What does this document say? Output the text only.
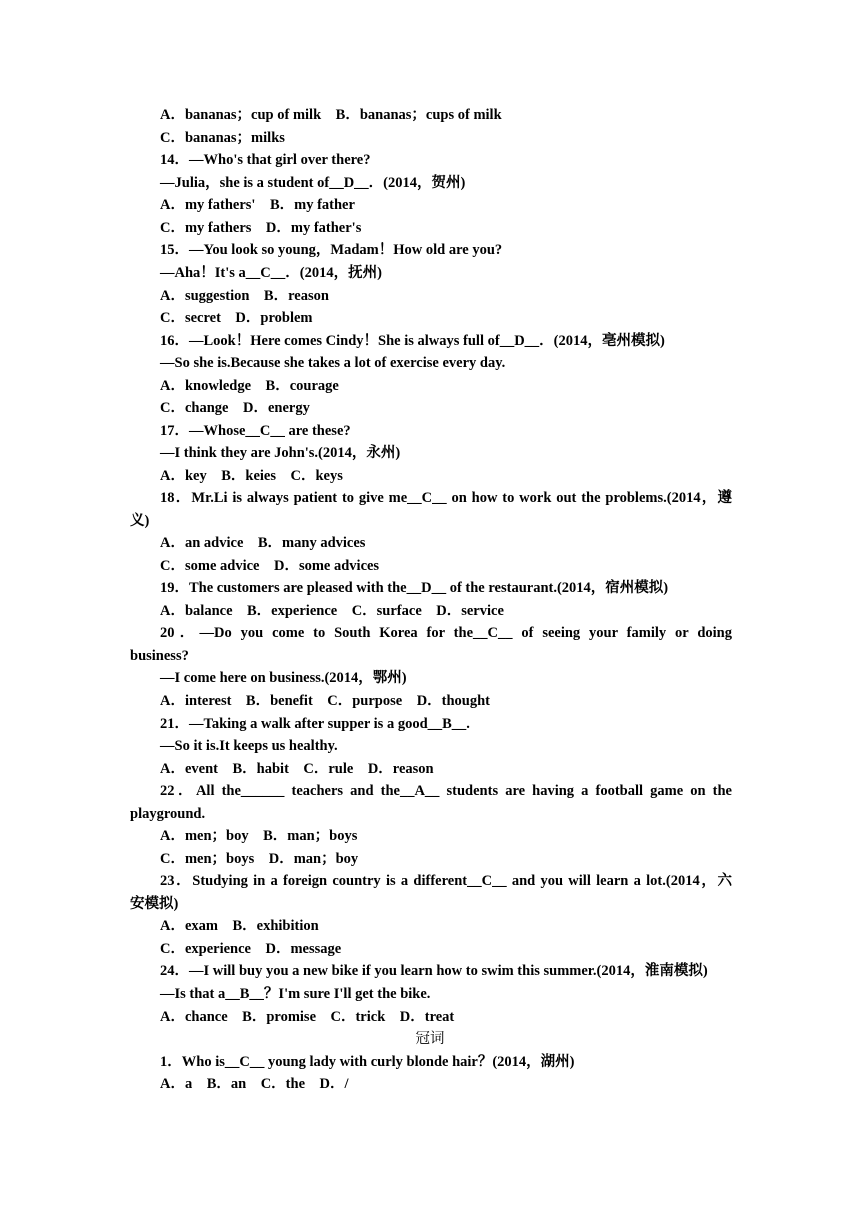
A．bananas；cup of milk　B．bananas；cups of milk
C．bananas；milks
14．—Who's that girl over there?
—Julia，she is a student of__D__．(2014，贺州)
A．my fathers'　B．my father
C．my fathers　D．my father's
15．—You look so young，Madam！How old are you?
—Aha！It's a__C__．(2014，抚州)
A．suggestion　B．reason
C．secret　D．problem
16．—Look！Here comes Cindy！She is always full of__D__．(2014，亳州模拟)
—So she is.Because she takes a lot of exercise every day.
A．knowledge　B．courage
C．change　D．energy
17．—Whose__C__ are these?
—I think they are John's.(2014，永州)
A．key　B．keies　C．keys
18．Mr.Li is always patient to give me__C__ on how to work out the problems.(2014，遵
义)
A．an advice　B．many advices
C．some advice　D．some advices
19．The customers are pleased with the__D__ of the restaurant.(2014，宿州模拟)
A．balance　B．experience　C．surface　D．service
20．—Do you come to South Korea for the__C__ of seeing your family or doing
business?
—I come here on business.(2014，鄂州)
A．interest　B．benefit　C．purpose　D．thought
21．—Taking a walk after supper is a good__B__.
—So it is.It keeps us healthy.
A．event　B．habit　C．rule　D．reason
22．All the______ teachers and the__A__ students are having a football game on the
playground.
A．men；boy　B．man；boys
C．men；boys　D．man；boy
23．Studying in a foreign country is a different__C__ and you will learn a lot.(2014，六
安模拟)
A．exam　B．exhibition
C．experience　D．message
24．—I will buy you a new bike if you learn how to swim this summer.(2014，淮南模拟)
—Is that a__B__？I'm sure I'll get the bike.
A．chance　B．promise　C．trick　D．treat
冠词
1．Who is__C__ young lady with curly blonde hair？(2014，湖州)
A．a　B．an　C．the　D．/
